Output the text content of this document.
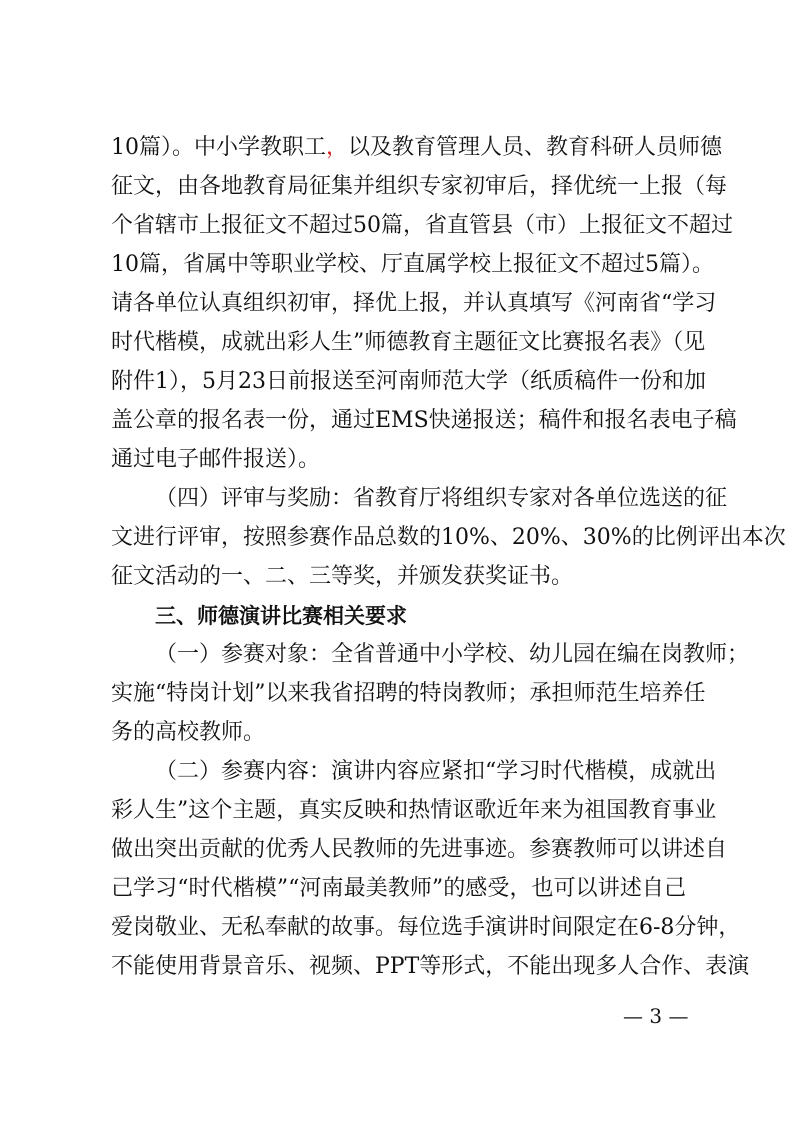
10篇）。中小学教职工，以及教育管理人员、教育科研人员师德
征文，由各地教育局征集并组织专家初审后，择优统一上报（每
个省辖市上报征文不超过50篇，省直管县（市）上报征文不超过
10篇，省属中等职业学校、厅直属学校上报征文不超过5篇）。
请各单位认真组织初审，择优上报，并认真填写《河南省“学习
时代楷模，成就出彩人生”师德教育主题征文比赛报名表》（见
附件1），5月23日前报送至河南师范大学（纸质稿件一份和加
盖公章的报名表一份，通过EMS快递报送；稿件和报名表电子稿
通过电子邮件报送）。
（四）评审与奖励：省教育厅将组织专家对各单位选送的征
文进行评审，按照参赛作品总数的10%、20%、30%的比例评出本次
征文活动的一、二、三等奖，并颁发获奖证书。
三、师德演讲比赛相关要求
（一）参赛对象：全省普通中小学校、幼儿园在编在岗教师；
实施“特岗计划”以来我省招聘的特岗教师；承担师范生培养任
务的高校教师。
（二）参赛内容：演讲内容应紧扣“学习时代楷模，成就出
彩人生”这个主题，真实反映和热情讴歌近年来为祖国教育事业
做出突出贡献的优秀人民教师的先进事迹。参赛教师可以讲述自
己学习“时代楷模”“河南最美教师”的感受，也可以讲述自己
爱岗敬业、无私奉献的故事。每位选手演讲时间限定在6-8分钟，
不能使用背景音乐、视频、PPT等形式，不能出现多人合作、表演
— 3 —
